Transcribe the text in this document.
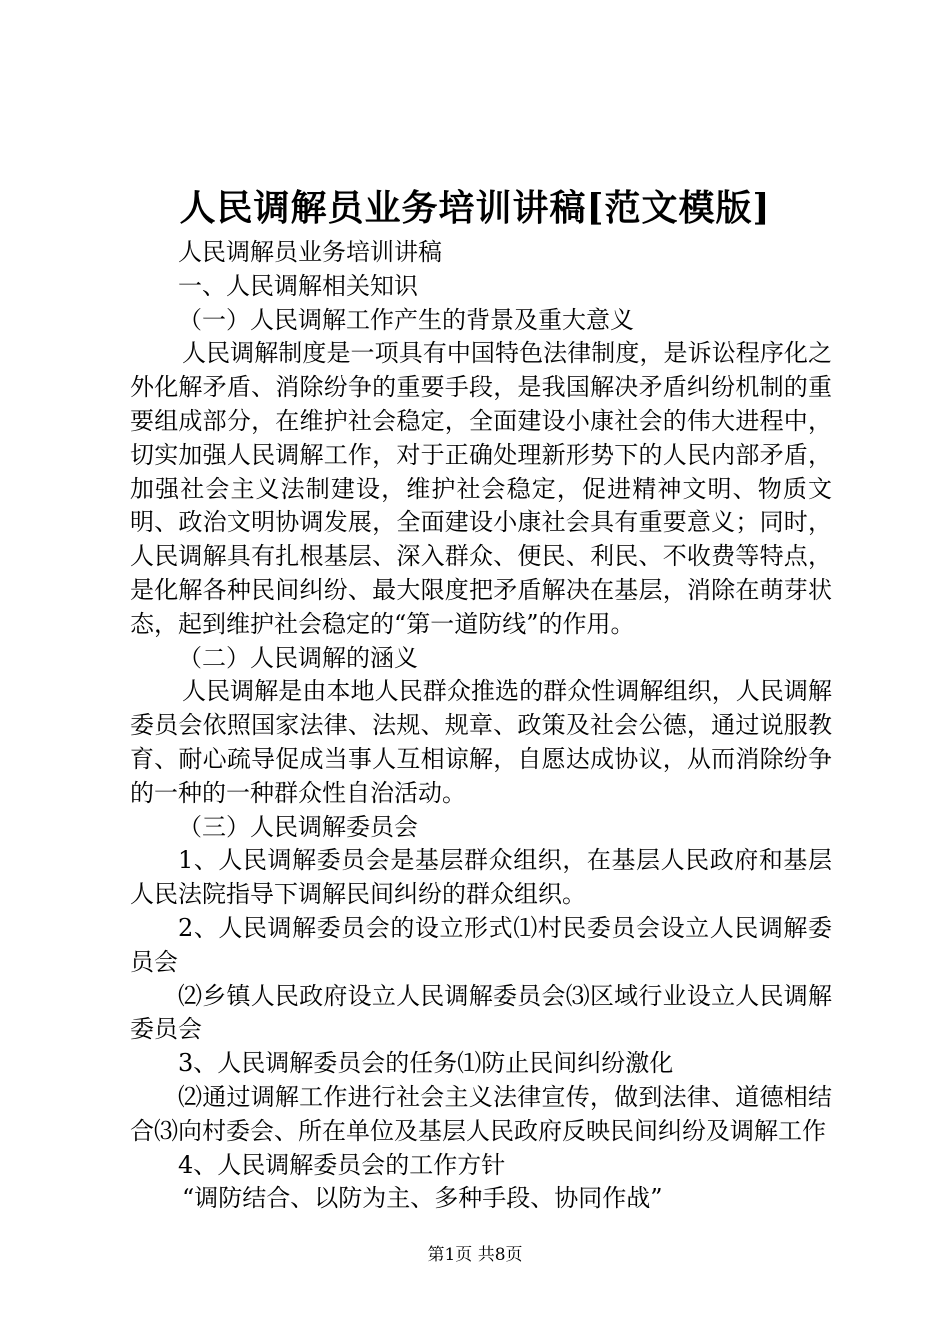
人民调解员业务培训讲稿[范文模版]

人民调解员业务培训讲稿

一、人民调解相关知识

（一）人民调解工作产生的背景及重大意义

人民调解制度是一项具有中国特色法律制度，是诉讼程序化之外化解矛盾、消除纷争的重要手段，是我国解决矛盾纠纷机制的重要组成部分，在维护社会稳定，全面建设小康社会的伟大进程中，切实加强人民调解工作，对于正确处理新形势下的人民内部矛盾，加强社会主义法制建设，维护社会稳定，促进精神文明、物质文明、政治文明协调发展，全面建设小康社会具有重要意义；同时，人民调解具有扎根基层、深入群众、便民、利民、不收费等特点，是化解各种民间纠纷、最大限度把矛盾解决在基层，消除在萌芽状态，起到维护社会稳定的“第一道防线”的作用。

（二）人民调解的涵义

人民调解是由本地人民群众推选的群众性调解组织，人民调解委员会依照国家法律、法规、规章、政策及社会公德，通过说服教育、耐心疏导促成当事人互相谅解，自愿达成协议，从而消除纷争的一种的一种群众性自治活动。

（三）人民调解委员会

1、人民调解委员会是基层群众组织，在基层人民政府和基层人民法院指导下调解民间纠纷的群众组织。

2、人民调解委员会的设立形式⑴村民委员会设立人民调解委员会

⑵乡镇人民政府设立人民调解委员会⑶区域行业设立人民调解委员会

3、人民调解委员会的任务⑴防止民间纠纷激化

⑵通过调解工作进行社会主义法律宣传，做到法律、道德相结合⑶向村委会、所在单位及基层人民政府反映民间纠纷及调解工作

4、人民调解委员会的工作方针

“调防结合、以防为主、多种手段、协同作战”

第1页 共8页
